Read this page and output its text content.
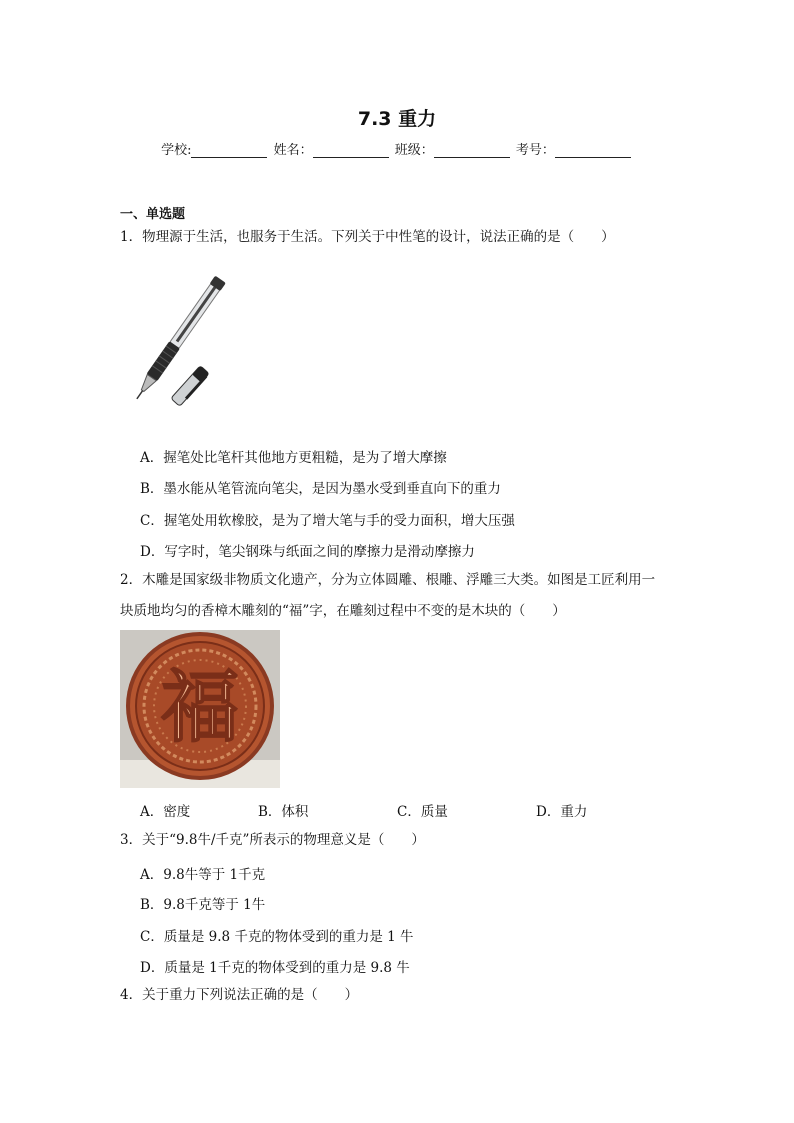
7.3 重力
学校:	姓名：	班级：	考号：
一、单选题
1．物理源于生活，也服务于生活。下列关于中性笔的设计，说法正确的是（　　）
A．握笔处比笔杆其他地方更粗糙，是为了增大摩擦
B．墨水能从笔管流向笔尖，是因为墨水受到垂直向下的重力
C．握笔处用软橡胶，是为了增大笔与手的受力面积，增大压强
D．写字时，笔尖钢珠与纸面之间的摩擦力是滑动摩擦力
2．木雕是国家级非物质文化遗产，分为立体圆雕、根雕、浮雕三大类。如图是工匠利用一
块质地均匀的香樟木雕刻的“福”字，在雕刻过程中不变的是木块的（　　）
福
A．密度	B．体积	C．质量	D．重力
3．关于“9.8牛/千克”所表示的物理意义是（　　）
A．9.8牛等于 1千克
B．9.8千克等于 1牛
C．质量是 9.8 千克的物体受到的重力是 1 牛
D．质量是 1千克的物体受到的重力是 9.8 牛
4．关于重力下列说法正确的是（　　）
